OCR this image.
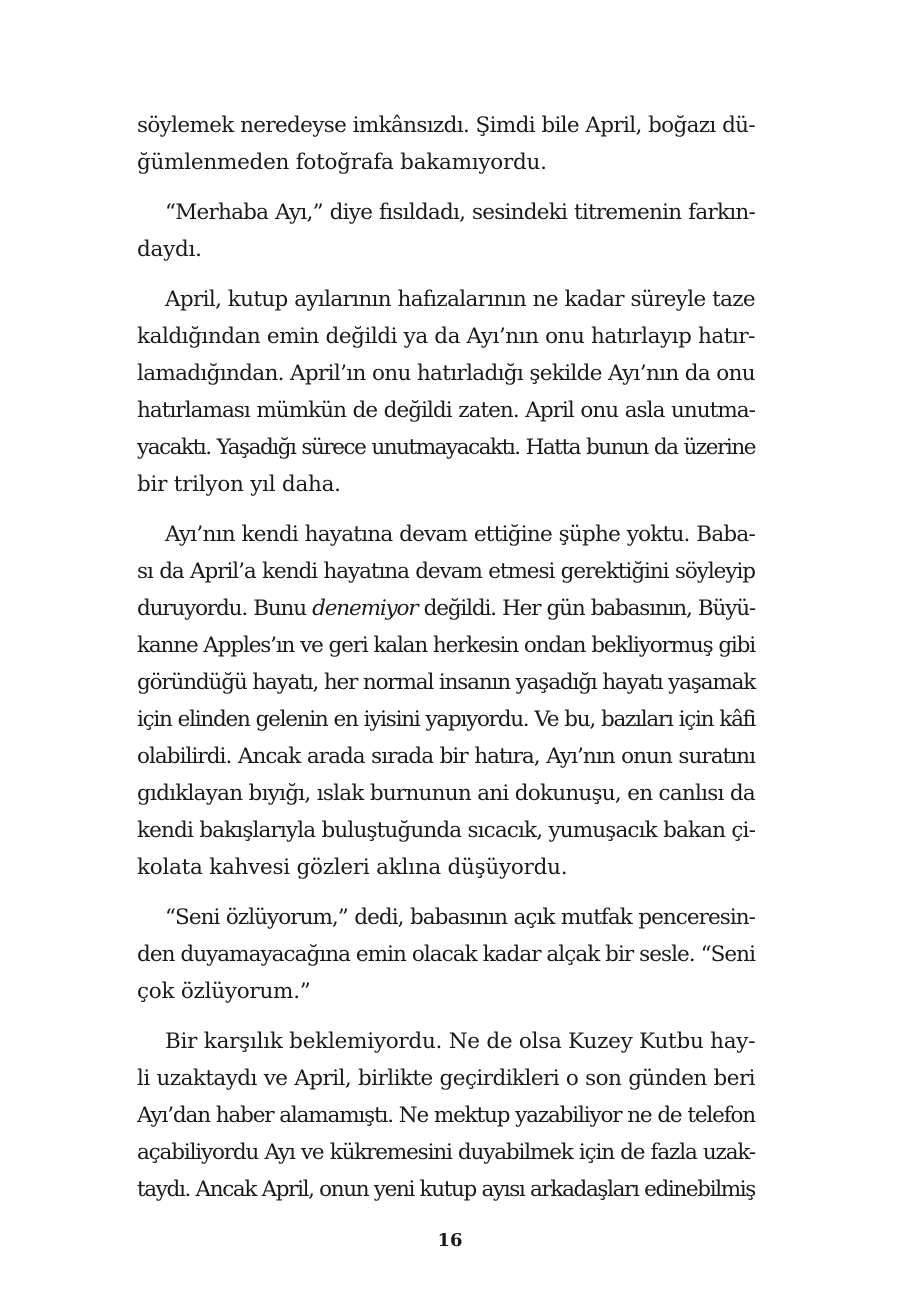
söylemek neredeyse imkânsızdı. Şimdi bile April, boğazı dü-
ğümlenmeden fotoğrafa bakamıyordu.
“Merhaba Ayı,” diye fısıldadı, sesindeki titremenin farkın-
daydı.
April, kutup ayılarının hafızalarının ne kadar süreyle taze
kaldığından emin değildi ya da Ayı’nın onu hatırlayıp hatır-
lamadığından. April’ın onu hatırladığı şekilde Ayı’nın da onu
hatırlaması mümkün de değildi zaten. April onu asla unutma-
yacaktı. Yaşadığı sürece unutmayacaktı. Hatta bunun da üzerine
bir trilyon yıl daha.
Ayı’nın kendi hayatına devam ettiğine şüphe yoktu. Baba-
sı da April’a kendi hayatına devam etmesi gerektiğini söyleyip
duruyordu. Bunu denemiyor değildi. Her gün babasının, Büyü-
kanne Apples’ın ve geri kalan herkesin ondan bekliyormuş gibi
göründüğü hayatı, her normal insanın yaşadığı hayatı yaşamak
için elinden gelenin en iyisini yapıyordu. Ve bu, bazıları için kâfi
olabilirdi. Ancak arada sırada bir hatıra, Ayı’nın onun suratını
gıdıklayan bıyığı, ıslak burnunun ani dokunuşu, en canlısı da
kendi bakışlarıyla buluştuğunda sıcacık, yumuşacık bakan çi-
kolata kahvesi gözleri aklına düşüyordu.
“Seni özlüyorum,” dedi, babasının açık mutfak penceresin-
den duyamayacağına emin olacak kadar alçak bir sesle. “Seni
çok özlüyorum.”
Bir karşılık beklemiyordu. Ne de olsa Kuzey Kutbu hay-
li uzaktaydı ve April, birlikte geçirdikleri o son günden beri
Ayı’dan haber alamamıştı. Ne mektup yazabiliyor ne de telefon
açabiliyordu Ayı ve kükremesini duyabilmek için de fazla uzak-
taydı. Ancak April, onun yeni kutup ayısı arkadaşları edinebilmiş
16
